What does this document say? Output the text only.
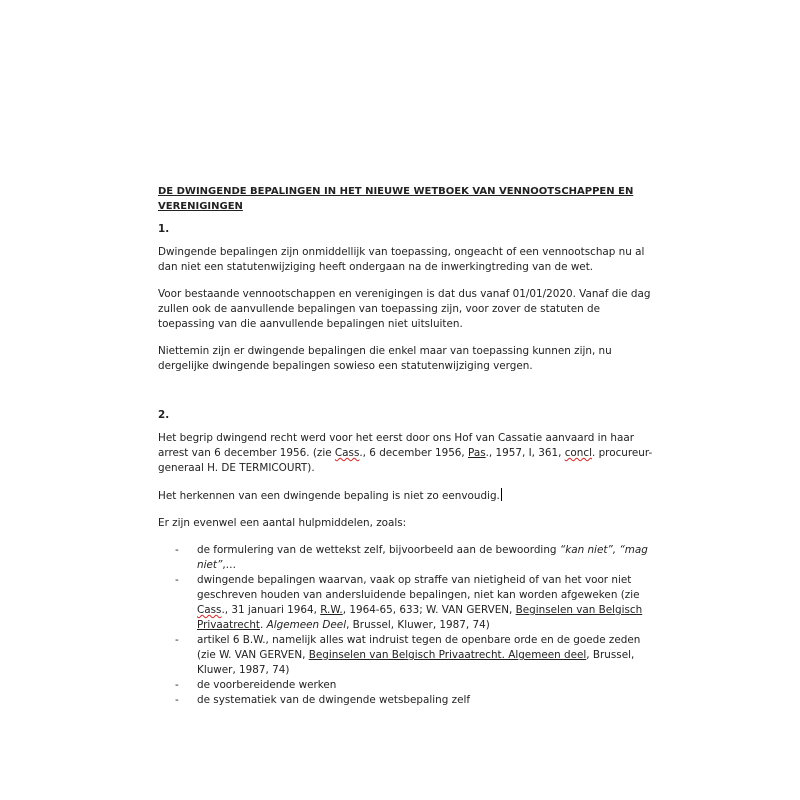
DE DWINGENDE BEPALINGEN IN HET NIEUWE WETBOEK VAN VENNOOTSCHAPPEN EN VERENIGINGEN
1.

Dwingende bepalingen zijn onmiddellijk van toepassing, ongeacht of een vennootschap nu al dan niet een statutenwijziging heeft ondergaan na de inwerkingtreding van de wet.

Voor bestaande vennootschappen en verenigingen is dat dus vanaf 01/01/2020. Vanaf die dag zullen ook de aanvullende bepalingen van toepassing zijn, voor zover de statuten de toepassing van die aanvullende bepalingen niet uitsluiten.

Niettemin zijn er dwingende bepalingen die enkel maar van toepassing kunnen zijn, nu dergelijke dwingende bepalingen sowieso een statutenwijziging vergen.

2.

Het begrip dwingend recht werd voor het eerst door ons Hof van Cassatie aanvaard in haar arrest van 6 december 1956. (zie Cass., 6 december 1956, Pas., 1957, I, 361, concl. procureur-generaal H. DE TERMICOURT).

Het herkennen van een dwingende bepaling is niet zo eenvoudig.

Er zijn evenwel een aantal hulpmiddelen, zoals:

- de formulering van de wettekst zelf, bijvoorbeeld aan de bewoording “kan niet”, “mag niet”,…
- dwingende bepalingen waarvan, vaak op straffe van nietigheid of van het voor niet geschreven houden van andersluidende bepalingen, niet kan worden afgeweken (zie Cass., 31 januari 1964, R.W., 1964-65, 633; W. VAN GERVEN, Beginselen van Belgisch Privaatrecht. Algemeen Deel, Brussel, Kluwer, 1987, 74)
- artikel 6 B.W., namelijk alles wat indruist tegen de openbare orde en de goede zeden (zie W. VAN GERVEN, Beginselen van Belgisch Privaatrecht. Algemeen deel, Brussel, Kluwer, 1987, 74)
- de voorbereidende werken
- de systematiek van de dwingende wetsbepaling zelf
